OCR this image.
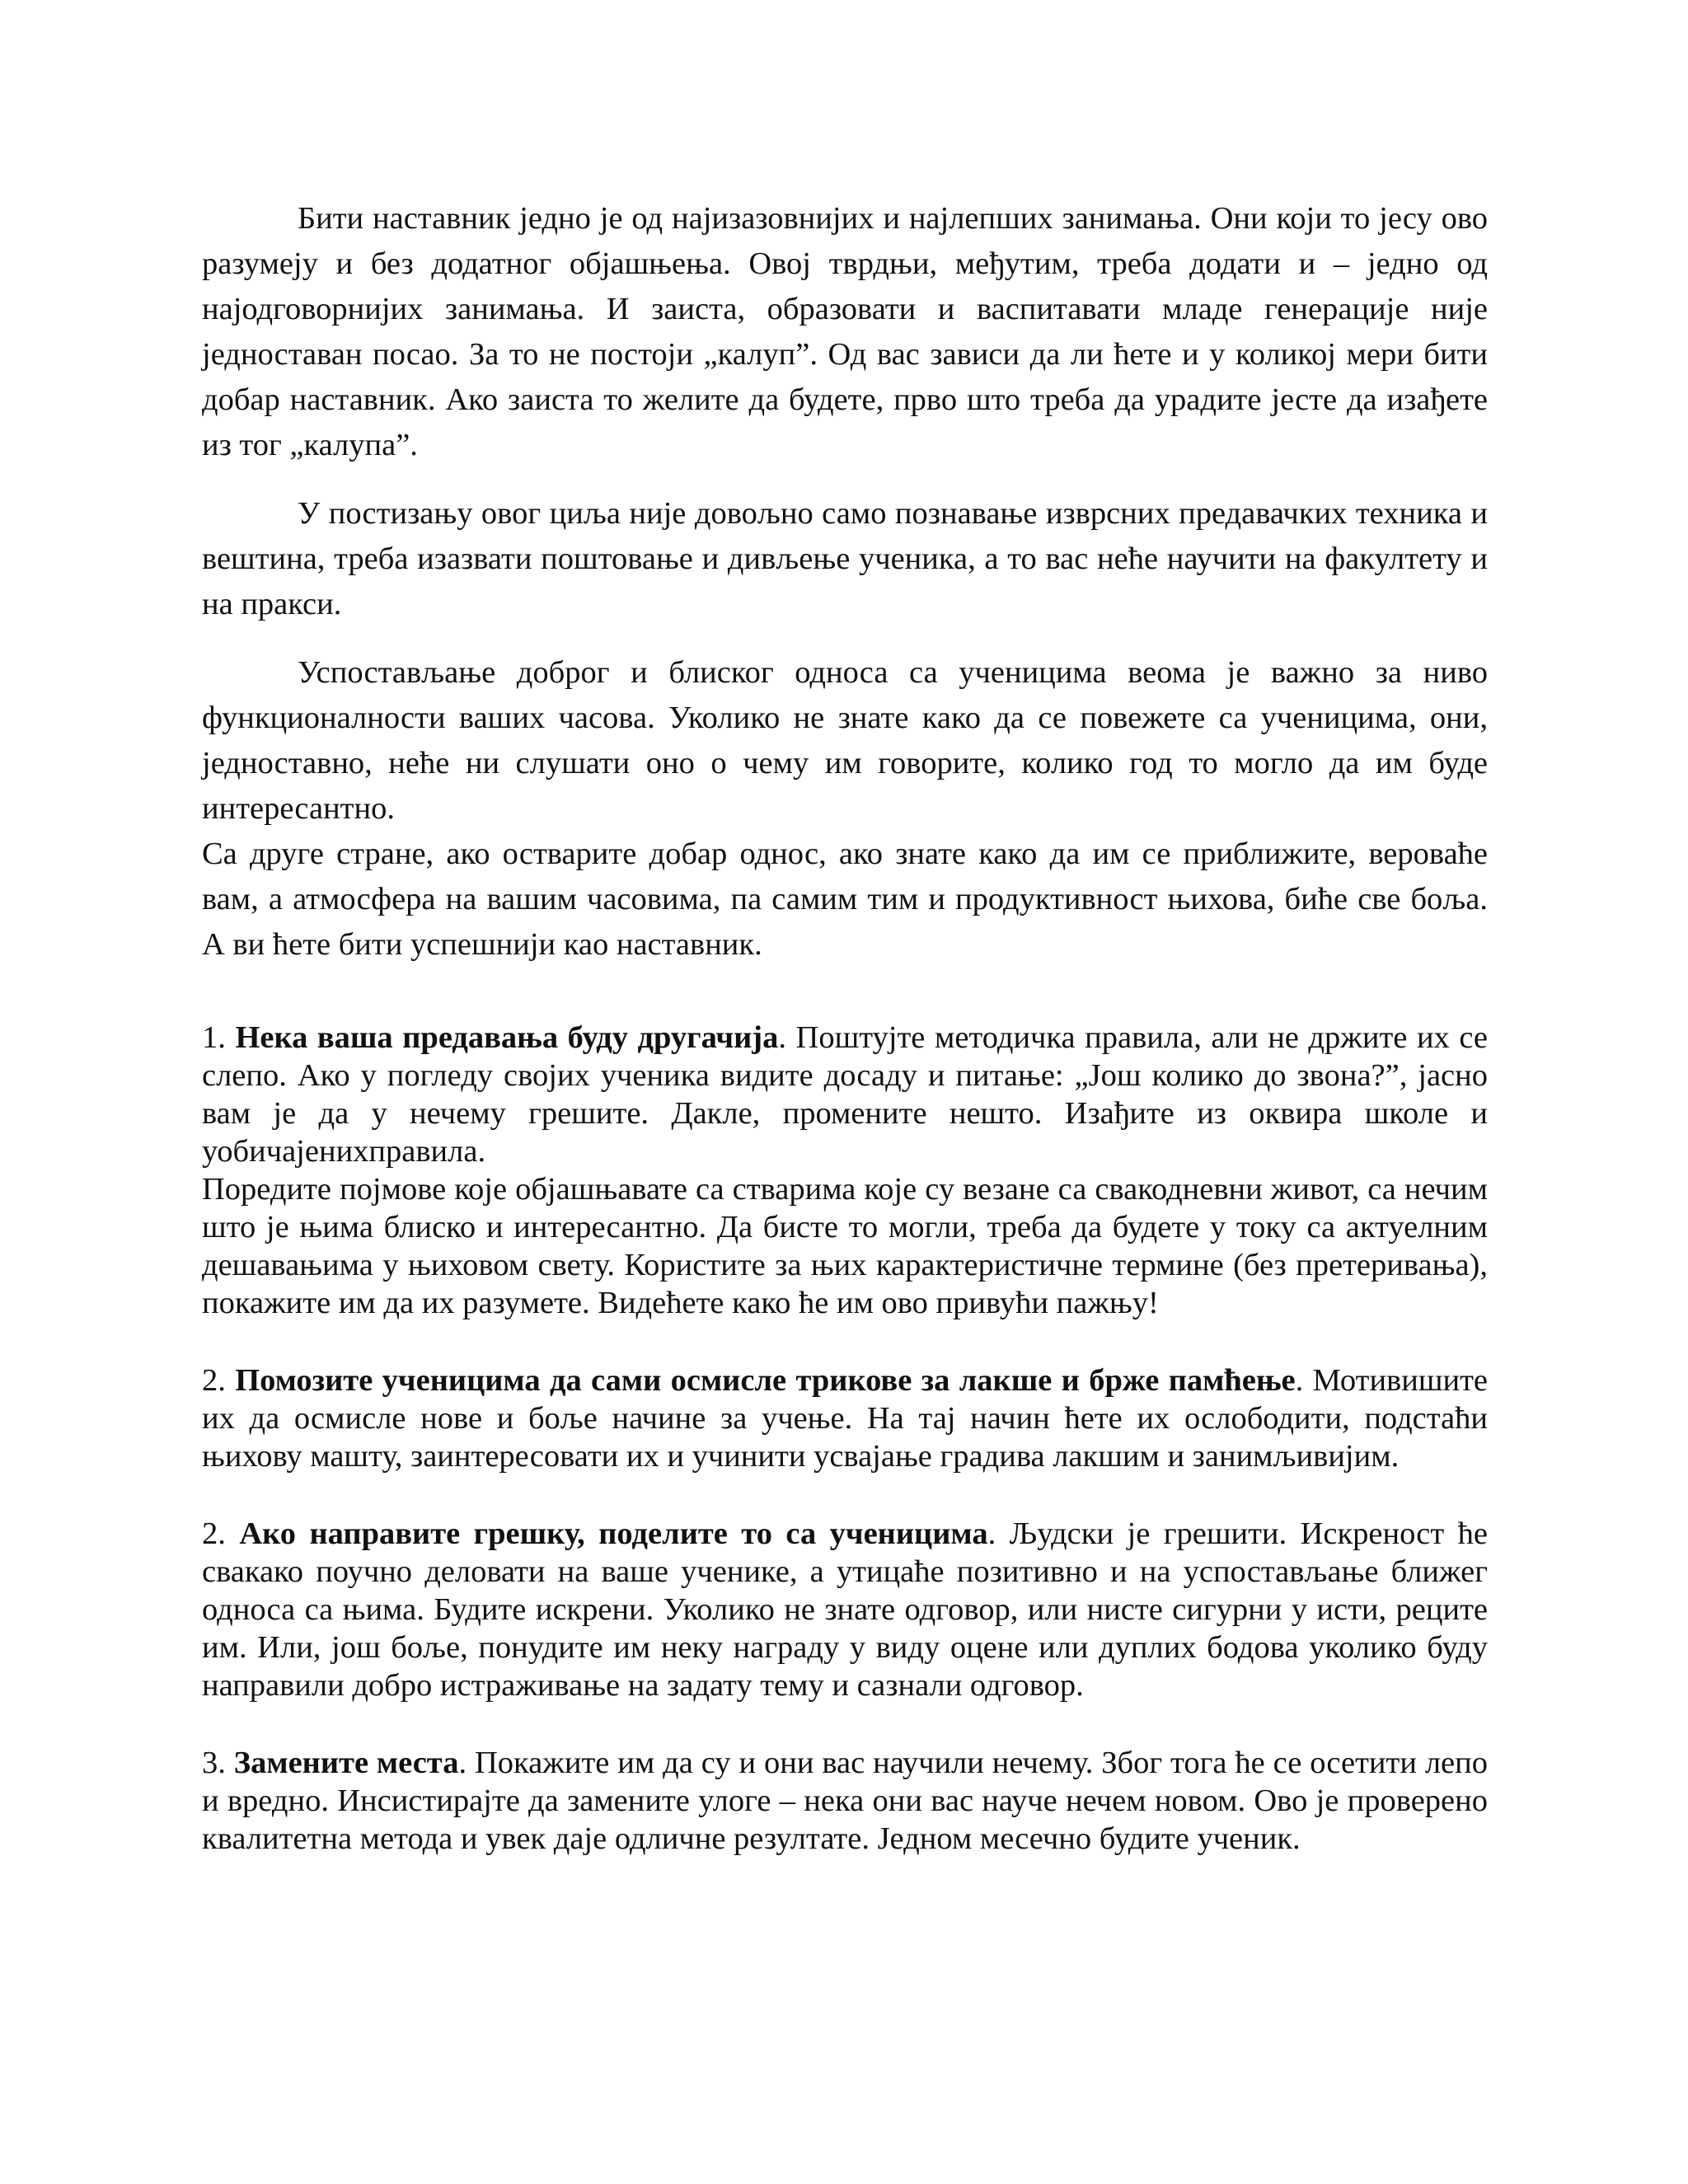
Бити наставник једно је од најизазовнијих и најлепших занимања. Они који то јесу ово разумеју и без додатног објашњења. Овој тврдњи, међутим, треба додати и – једно од најодговорнијих занимања. И заиста, образовати и васпитавати младе генерације није једноставан посао. За то не постоји „калуп”. Од вас зависи да ли ћете и у коликој мери бити добар наставник. Ако заиста то желите да будете, прво што треба да урадите јесте да изађете из тог „калупа”.

У постизању овог циља није довољно само познавање изврсних предавачких техника и вештина, треба изазвати поштовање и дивљење ученика, а то вас неће научити на факултету и на пракси.

Успостављање доброг и блиског односа са ученицима веома је важно за ниво функционалности ваших часова. Уколико не знате како да се повежете са ученицима, они, једноставно, неће ни слушати оно о чему им говорите, колико год то могло да им буде интересантно.

Са друге стране, ако остварите добар однос, ако знате како да им се приближите, вероваће вам, а атмосфера на вашим часовима, па самим тим и продуктивност њихова, биће све боља. А ви ћете бити успешнији као наставник.

1. Нека ваша предавања буду другачија. Поштујте методичка правила, али не држите их се слепо. Ако у погледу својих ученика видите досаду и питање: „Још колико до звона?”, јасно вам је да у нечему грешите. Дакле, промените нешто. Изађите из оквира школе и уобичајенихправила.

Поредите појмове које објашњавате са стварима које су везане са свакодневни живот, са нечим што је њима блиско и интересантно. Да бисте то могли, треба да будете у току са актуелним дешавањима у њиховом свету. Користите за њих карактеристичне термине (без претеривања), покажите им да их разумете. Видећете како ће им ово привући пажњу!

2. Помозите ученицима да сами осмисле трикове за лакше и брже памћење. Мотивишите их да осмисле нове и боље начине за учење. На тај начин ћете их ослободити, подстаћи њихову машту, заинтересовати их и учинити усвајање градива лакшим и занимљивијим.

2. Ако направите грешку, поделите то са ученицима. Људски је грешити. Искреност ће свакако поучно деловати на ваше ученике, а утицаће позитивно и на успостављање ближег односа са њима. Будите искрени. Уколико не знате одговор, или нисте сигурни у исти, реците им. Или, још боље, понудите им неку награду у виду оцене или дуплих бодова уколико буду направили добро истраживање на задату тему и сазнали одговор.

3. Замените места. Покажите им да су и они вас научили нечему. Због тога ће се осетити лепо и вредно. Инсистирајте да замените улоге – нека они вас науче нечем новом. Ово је проверено квалитетна метода и увек даје одличне резултате. Једном месечно будите ученик.
